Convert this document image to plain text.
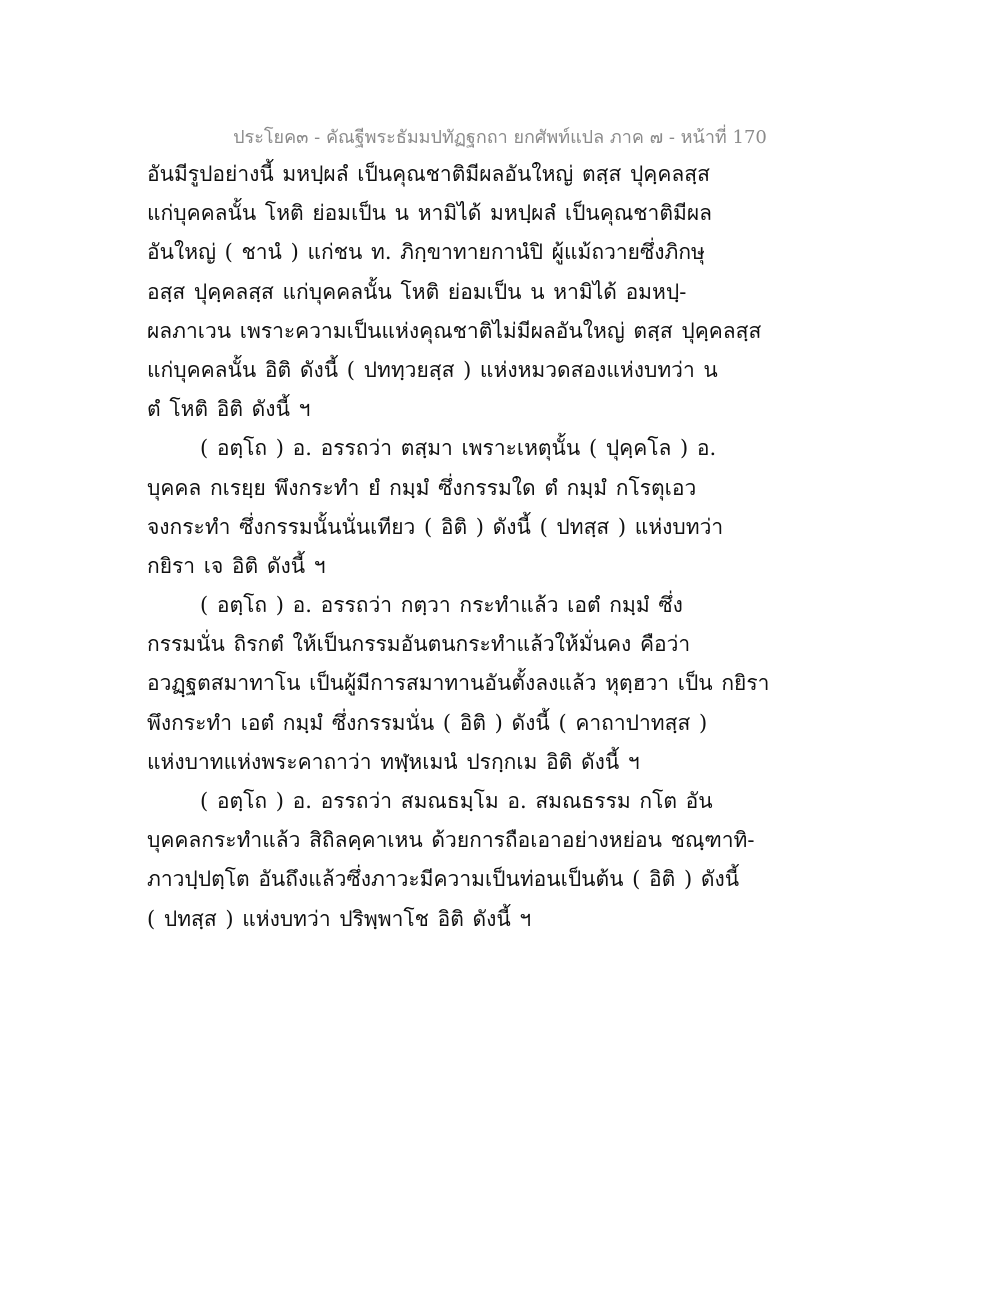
ประโยค๓ - คัณฐีพระธัมมปทัฏฐกถา ยกศัพท์แปล ภาค ๗ - หน้าที่ 170
อันมีรูปอย่างนี้ มหปฺผลํ เป็นคุณชาติมีผลอันใหญ่ ตสฺส ปุคฺคลสฺส
แก่บุคคลนั้น โหติ ย่อมเป็น น หามิได้ มหปฺผลํ เป็นคุณชาติมีผล
อันใหญ่ ( ชานํ ) แก่ชน ท. ภิกฺขาทายกานํปิ ผู้แม้ถวายซึ่งภิกษุ
อสฺส ปุคฺคลสฺส แก่บุคคลนั้น โหติ ย่อมเป็น น หามิได้ อมหปฺ-
ผลภาเวน เพราะความเป็นแห่งคุณชาติไม่มีผลอันใหญ่ ตสฺส ปุคฺคลสฺส
แก่บุคคลนั้น อิติ ดังนี้ ( ปททฺวยสฺส ) แห่งหมวดสองแห่งบทว่า น
ตํ โหติ อิติ ดังนี้ ฯ
( อตฺโถ ) อ. อรรถว่า ตสฺมา เพราะเหตุนั้น ( ปุคฺคโล ) อ.
บุคคล กเรยฺย พึงกระทำ ยํ กมฺมํ ซึ่งกรรมใด ตํ กมฺมํ กโรตุเอว
จงกระทำ ซึ่งกรรมนั้นนั่นเทียว ( อิติ ) ดังนี้ ( ปทสฺส ) แห่งบทว่า
กยิรา เจ อิติ ดังนี้ ฯ
( อตฺโถ ) อ. อรรถว่า กตฺวา กระทำแล้ว เอตํ กมฺมํ ซึ่ง
กรรมนั่น ถิรกตํ ให้เป็นกรรมอันตนกระทำแล้วให้มั่นคง คือว่า
อวฏฺฐตสมาทาโน เป็นผู้มีการสมาทานอันตั้งลงแล้ว หุตฺฮวา เป็น กยิรา
พึงกระทำ เอตํ กมฺมํ ซึ่งกรรมนั่น ( อิติ ) ดังนี้ ( คาถาปาทสฺส )
แห่งบาทแห่งพระคาถาว่า ทฬฺหเมนํ ปรกฺกเม อิติ ดังนี้ ฯ
( อตฺโถ ) อ. อรรถว่า สมณธมฺโม อ. สมณธรรม กโต อัน
บุคคลกระทำแล้ว สิถิลคฺคาเหน ด้วยการถือเอาอย่างหย่อน ชณฺฑาทิ-
ภาวปฺปตฺโต อันถึงแล้วซึ่งภาวะมีความเป็นท่อนเป็นต้น ( อิติ ) ดังนี้
( ปทสฺส ) แห่งบทว่า ปริพฺพาโช อิติ ดังนี้ ฯ
